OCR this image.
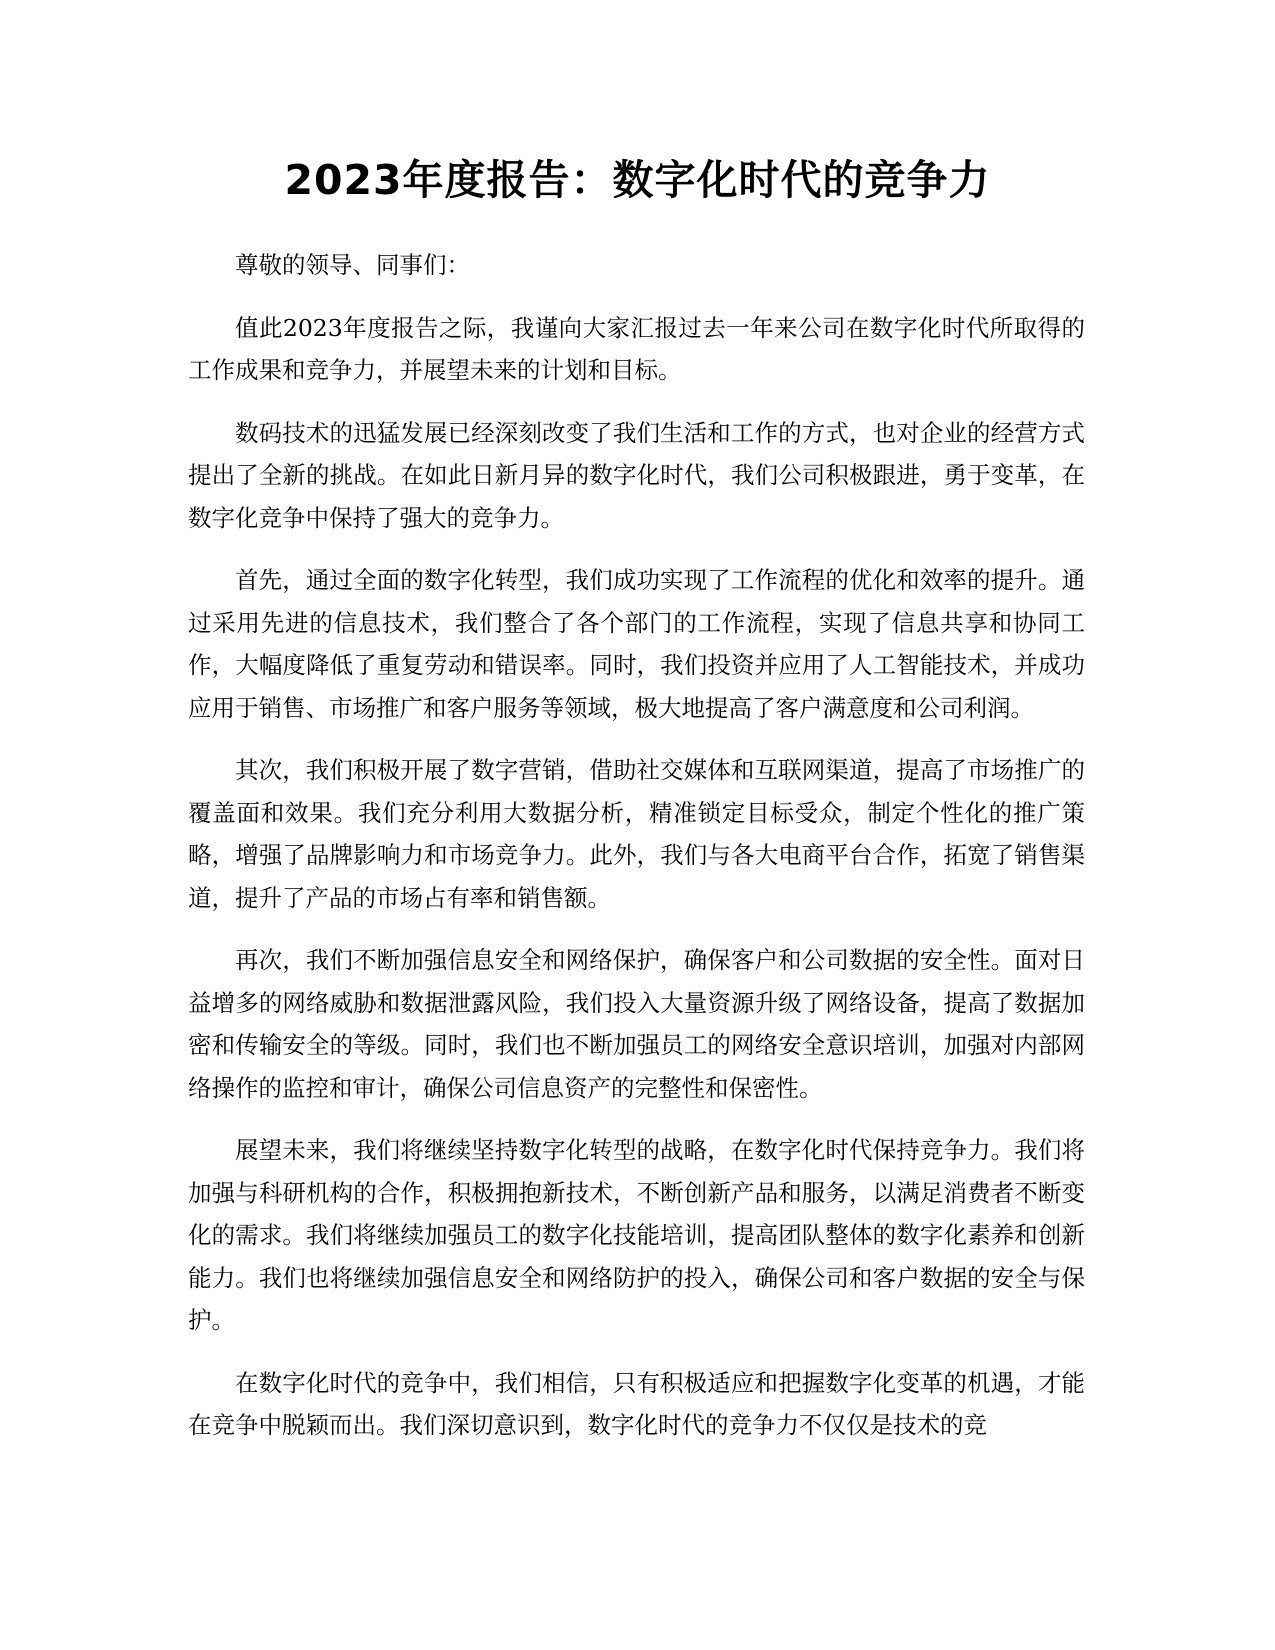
2023年度报告：数字化时代的竞争力

尊敬的领导、同事们：

值此2023年度报告之际，我谨向大家汇报过去一年来公司在数字化时代所取得的工作成果和竞争力，并展望未来的计划和目标。

数码技术的迅猛发展已经深刻改变了我们生活和工作的方式，也对企业的经营方式提出了全新的挑战。在如此日新月异的数字化时代，我们公司积极跟进，勇于变革，在数字化竞争中保持了强大的竞争力。

首先，通过全面的数字化转型，我们成功实现了工作流程的优化和效率的提升。通过采用先进的信息技术，我们整合了各个部门的工作流程，实现了信息共享和协同工作，大幅度降低了重复劳动和错误率。同时，我们投资并应用了人工智能技术，并成功应用于销售、市场推广和客户服务等领域，极大地提高了客户满意度和公司利润。

其次，我们积极开展了数字营销，借助社交媒体和互联网渠道，提高了市场推广的覆盖面和效果。我们充分利用大数据分析，精准锁定目标受众，制定个性化的推广策略，增强了品牌影响力和市场竞争力。此外，我们与各大电商平台合作，拓宽了销售渠道，提升了产品的市场占有率和销售额。

再次，我们不断加强信息安全和网络保护，确保客户和公司数据的安全性。面对日益增多的网络威胁和数据泄露风险，我们投入大量资源升级了网络设备，提高了数据加密和传输安全的等级。同时，我们也不断加强员工的网络安全意识培训，加强对内部网络操作的监控和审计，确保公司信息资产的完整性和保密性。

展望未来，我们将继续坚持数字化转型的战略，在数字化时代保持竞争力。我们将加强与科研机构的合作，积极拥抱新技术，不断创新产品和服务，以满足消费者不断变化的需求。我们将继续加强员工的数字化技能培训，提高团队整体的数字化素养和创新能力。我们也将继续加强信息安全和网络防护的投入，确保公司和客户数据的安全与保护。

在数字化时代的竞争中，我们相信，只有积极适应和把握数字化变革的机遇，才能在竞争中脱颖而出。我们深切意识到，数字化时代的竞争力不仅仅是技术的竞
